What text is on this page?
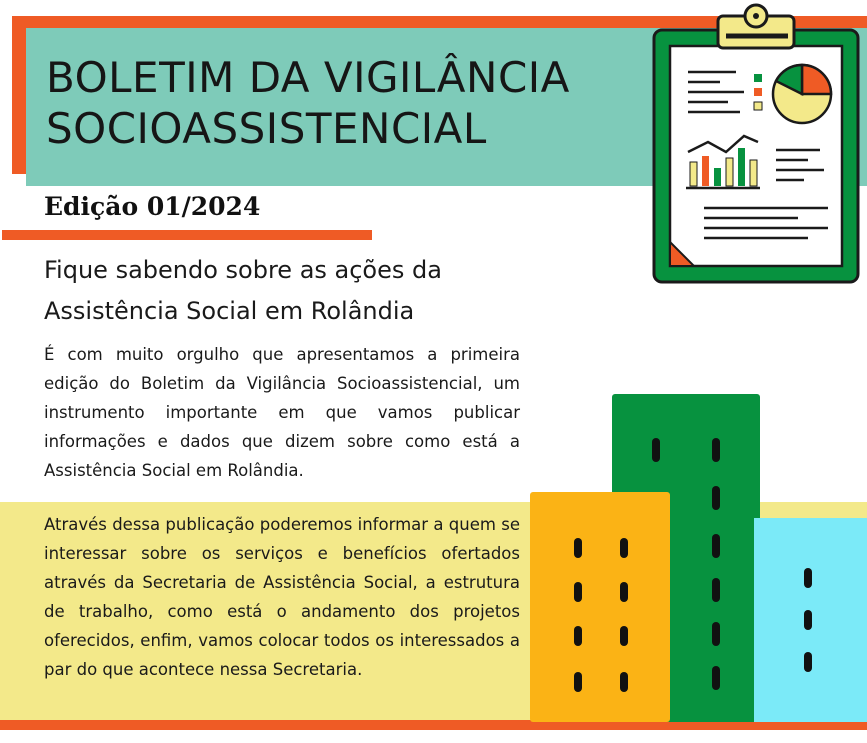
BOLETIM DA VIGILÂNCIA
SOCIOASSISTENCIAL
Edição 01/2024
Fique sabendo sobre as ações da
Assistência Social em Rolândia

É com muito orgulho que apresentamos a primeira edição do Boletim da Vigilância Socioassistencial, um instrumento importante em que vamos publicar informações e dados que dizem sobre como está a Assistência Social em Rolândia.

Através dessa publicação poderemos informar a quem se interessar sobre os serviços e benefícios ofertados através da Secretaria de Assistência Social, a estrutura de trabalho, como está o andamento dos projetos oferecidos, enfim, vamos colocar todos os interessados a par do que acontece nessa Secretaria.
